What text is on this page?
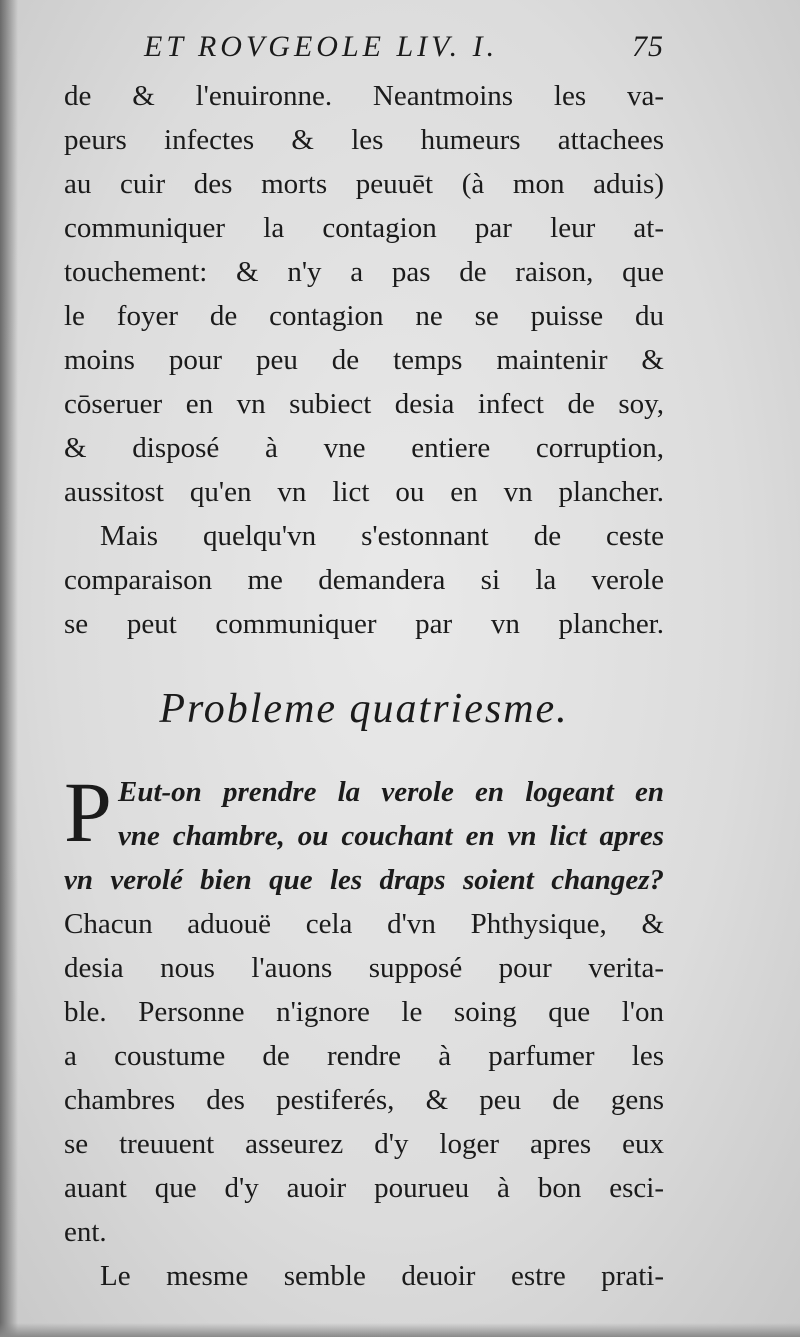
ET ROVGEOLE LIV. I.	75
de & l'enuironne. Neantmoins les va-
peurs infectes & les humeurs attachees
au cuir des morts peuuēt (à mon aduis)
communiquer la contagion par leur at-
touchement: & n'y a pas de raison, que
le foyer de contagion ne se puisse du
moins pour peu de temps maintenir &
cōseruer en vn subiect desia infect de soy,
& disposé à vne entiere corruption,
aussitost qu'en vn lict ou en vn plancher.
Mais quelqu'vn s'estonnant de ceste
comparaison me demandera si la verole
se peut communiquer par vn plancher.
Probleme quatriesme.
P Eut-on prendre la verole en logeant en
vne chambre, ou couchant en vn lict apres
vn verolé bien que les draps soient changez?
Chacun aduouë cela d'vn Phthysique, &
desia nous l'auons supposé pour verita-
ble. Personne n'ignore le soing que l'on
a coustume de rendre à parfumer les
chambres des pestiferés, & peu de gens
se treuuent asseurez d'y loger apres eux
auant que d'y auoir pourueu à bon esci-
ent.
Le mesme semble deuoir estre prati-
